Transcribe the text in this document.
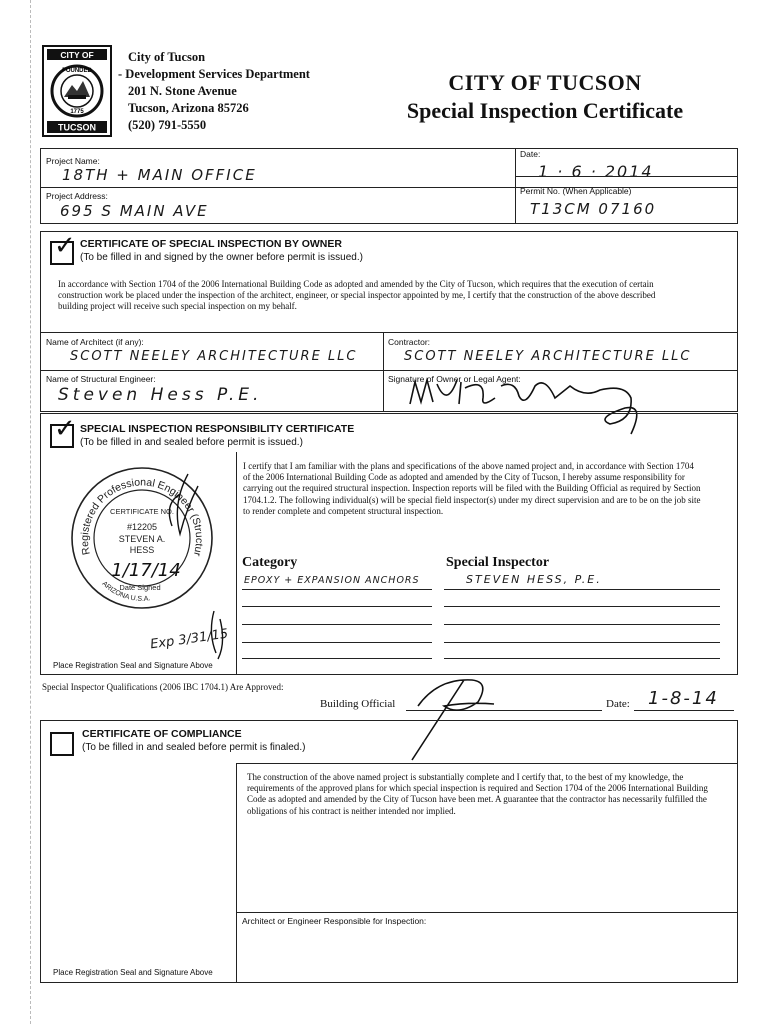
CITY OF
FOUNDED
1775
TUCSON
City of Tucson
- Development Services Department
201 N. Stone Avenue
Tucson, Arizona 85726
(520) 791-5550
CITY OF TUCSON
Special Inspection Certificate
Project Name:
18TH + MAIN OFFICE
Date:
1 · 6 · 2014
Permit No. (When Applicable)
Project Address:
695 S MAIN AVE	T13CM 07160
✓ CERTIFICATE OF SPECIAL INSPECTION BY OWNER
(To be filled in and signed by the owner before permit is issued.)
In accordance with Section 1704 of the 2006 International Building Code as adopted and amended by the City of Tucson, which requires that the execution of certain construction work be placed under the inspection of the architect, engineer, or special inspector appointed by me, I certify that the construction of the above described building project will receive such special inspection on my behalf.
Name of Architect (if any):
SCOTT NEELEY ARCHITECTURE LLC
Contractor:
SCOTT NEELEY ARCHITECTURE LLC
Name of Structural Engineer:
Steven Hess P.E.
Signature of Owner or Legal Agent:
✓ SPECIAL INSPECTION RESPONSIBILITY CERTIFICATE
(To be filled in and sealed before permit is issued.)
I certify that I am familiar with the plans and specifications of the above named project and, in accordance with Section 1704 of the 2006 International Building Code as adopted and amended by the City of Tucson, I hereby assume responsibility for carrying out the required structural inspection. Inspection reports will be filed with the Building Official as required by Section 1704.1.2. The following individual(s) will be special field inspector(s) under my direct supervision and are to be on the job site to render complete and competent structural inspection.
Category	Special Inspector
EPOXY + EXPANSION ANCHORS	STEVEN HESS, P.E.
Registered Professional Engineer (Structur
ARIZONA U.S.A.
CERTIFICATE NO.
#12205
STEVEN A.
HESS
1/17/14
Date Signed
Exp 3/31/15
Place Registration Seal and Signature Above
Special Inspector Qualifications (2006 IBC 1704.1) Are Approved:
Building Official	Date: 1-8-14
CERTIFICATE OF COMPLIANCE
(To be filled in and sealed before permit is finaled.)
The construction of the above named project is substantially complete and I certify that, to the best of my knowledge, the requirements of the approved plans for which special inspection is required and Section 1704 of the 2006 International Building Code as adopted and amended by the City of Tucson have been met. A guarantee that the contractor has necessarily fulfilled the obligations of his contract is neither intended nor implied.
Architect or Engineer Responsible for Inspection:
Place Registration Seal and Signature Above
